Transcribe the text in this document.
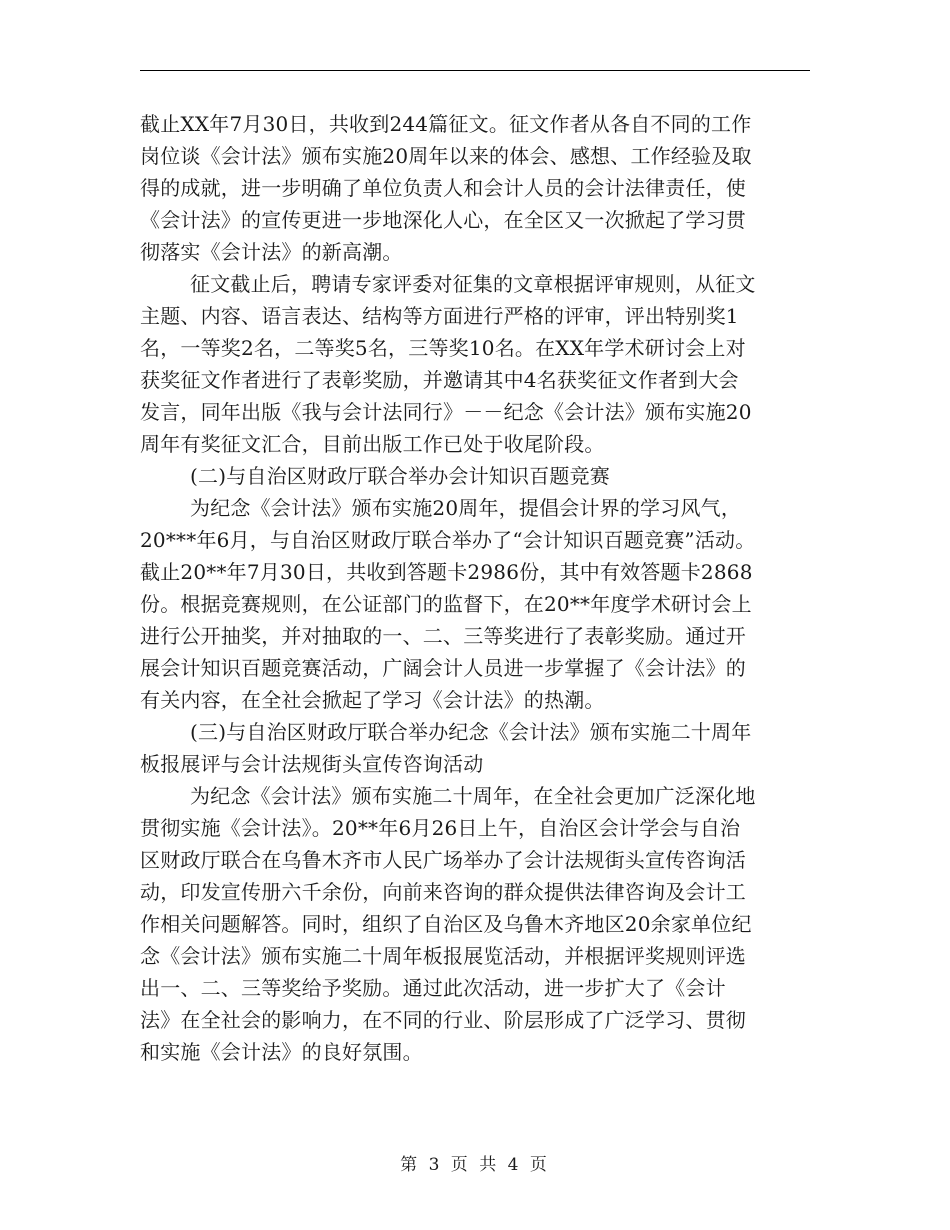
截止XX年7月30日，共收到244篇征文。征文作者从各自不同的工作
岗位谈《会计法》颁布实施20周年以来的体会、感想、工作经验及取
得的成就，进一步明确了单位负责人和会计人员的会计法律责任，使
《会计法》的宣传更进一步地深化人心，在全区又一次掀起了学习贯
彻落实《会计法》的新高潮。
征文截止后，聘请专家评委对征集的文章根据评审规则，从征文
主题、内容、语言表达、结构等方面进行严格的评审，评出特别奖1
名，一等奖2名，二等奖5名，三等奖10名。在XX年学术研讨会上对
获奖征文作者进行了表彰奖励，并邀请其中4名获奖征文作者到大会
发言，同年出版《我与会计法同行》－－纪念《会计法》颁布实施20
周年有奖征文汇合，目前出版工作已处于收尾阶段。
(二)与自治区财政厅联合举办会计知识百题竞赛
为纪念《会计法》颁布实施20周年，提倡会计界的学习风气，
20***年6月，与自治区财政厅联合举办了“会计知识百题竞赛”活动。
截止20**年7月30日，共收到答题卡2986份，其中有效答题卡2868
份。根据竞赛规则，在公证部门的监督下，在20**年度学术研讨会上
进行公开抽奖，并对抽取的一、二、三等奖进行了表彰奖励。通过开
展会计知识百题竞赛活动，广阔会计人员进一步掌握了《会计法》的
有关内容，在全社会掀起了学习《会计法》的热潮。
(三)与自治区财政厅联合举办纪念《会计法》颁布实施二十周年
板报展评与会计法规街头宣传咨询活动
为纪念《会计法》颁布实施二十周年，在全社会更加广泛深化地
贯彻实施《会计法》。20**年6月26日上午，自治区会计学会与自治
区财政厅联合在乌鲁木齐市人民广场举办了会计法规街头宣传咨询活
动，印发宣传册六千余份，向前来咨询的群众提供法律咨询及会计工
作相关问题解答。同时，组织了自治区及乌鲁木齐地区20余家单位纪
念《会计法》颁布实施二十周年板报展览活动，并根据评奖规则评选
出一、二、三等奖给予奖励。通过此次活动，进一步扩大了《会计
法》在全社会的影响力，在不同的行业、阶层形成了广泛学习、贯彻
和实施《会计法》的良好氛围。
第 3 页 共 4 页
